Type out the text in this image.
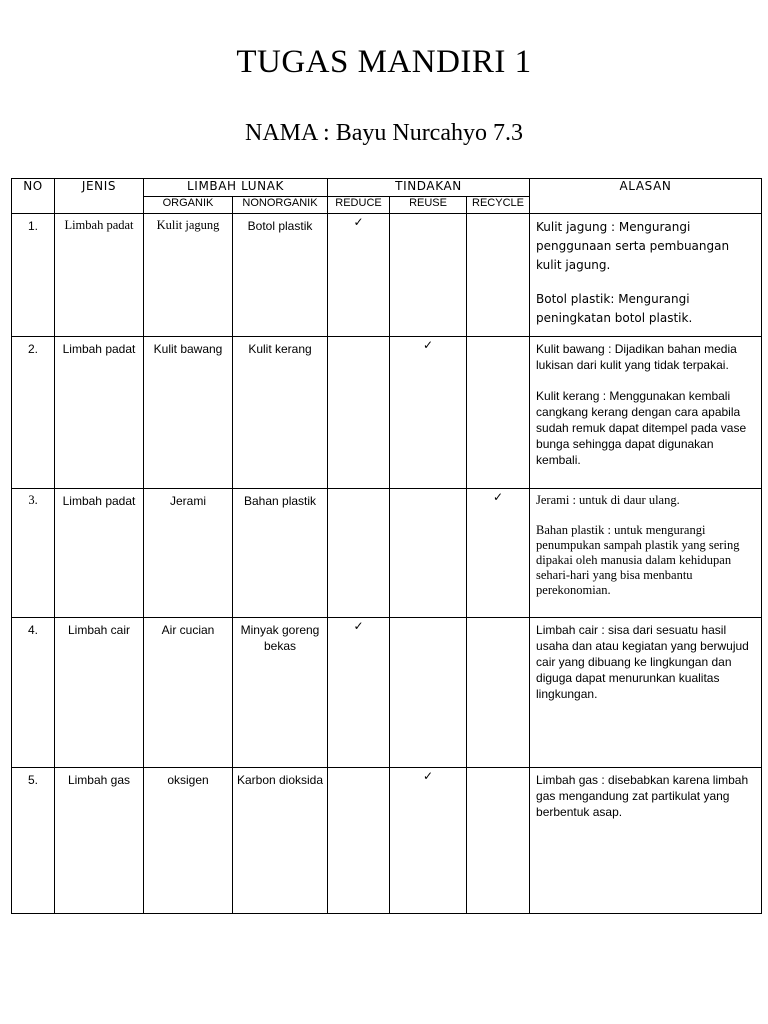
TUGAS MANDIRI 1
NAMA : Bayu Nurcahyo 7.3
NO	JENIS	LIMBAH LUNAK		TINDAKAN			ALASAN
		ORGANIK	NONORGANIK	REDUCE	REUSE	RECYCLE	
1.	Limbah padat	Kulit jagung	Botol plastik	✓			Kulit jagung : Mengurangi penggunaan serta pembuangan kulit jagung.

Botol plastik: Mengurangi peningkatan botol plastik.

2.	Limbah padat	Kulit bawang	Kulit kerang		✓		Kulit bawang : Dijadikan bahan media lukisan dari kulit yang tidak terpakai.

Kulit kerang : Menggunakan kembali cangkang kerang dengan cara apabila sudah remuk dapat ditempel pada vase bunga sehingga dapat digunakan kembali.

3.	Limbah padat	Jerami	Bahan plastik			✓	Jerami : untuk di daur ulang.

Bahan plastik : untuk mengurangi penumpukan sampah plastik yang sering dipakai oleh manusia dalam kehidupan sehari-hari yang bisa menbantu perekonomian.

4.	Limbah cair	Air cucian	Minyak goreng bekas	✓			Limbah cair : sisa dari sesuatu hasil usaha dan atau kegiatan yang berwujud cair yang dibuang ke lingkungan dan diguga dapat menurunkan kualitas lingkungan.

5.	Limbah gas	oksigen	Karbon dioksida		✓		Limbah gas : disebabkan karena limbah gas mengandung zat partikulat yang berbentuk asap.
